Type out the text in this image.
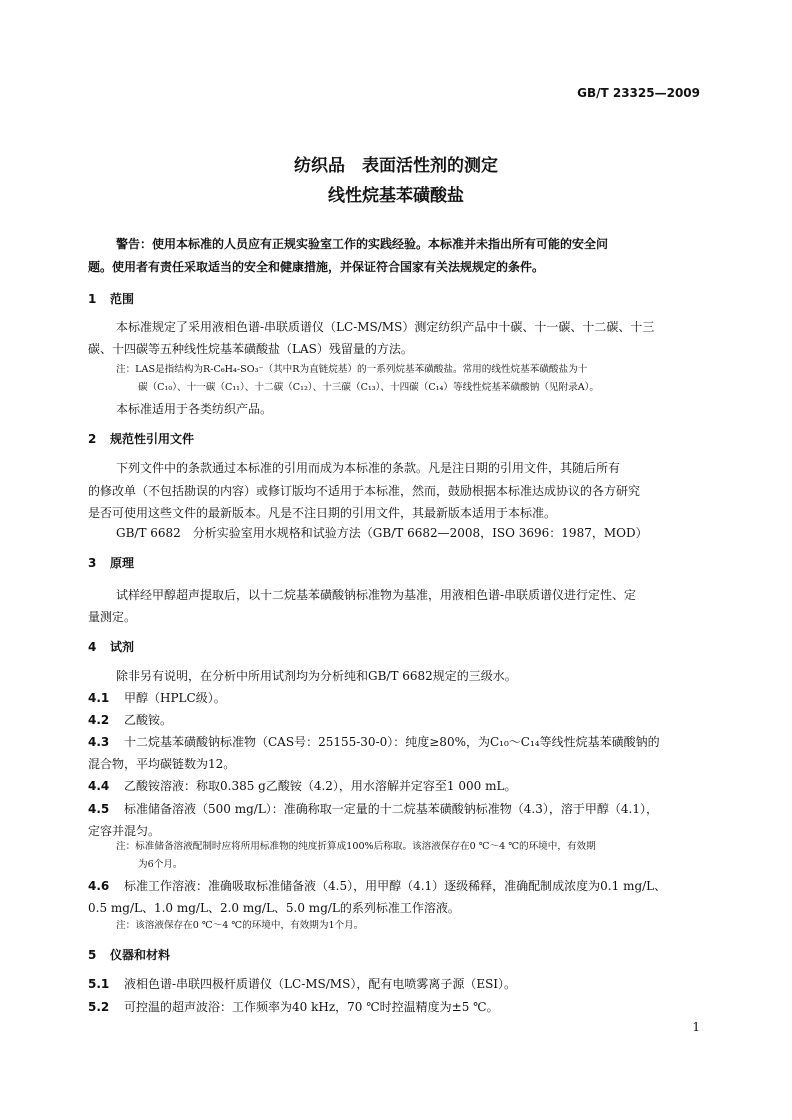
GB/T 23325—2009
纺织品　表面活性剂的测定
线性烷基苯磺酸盐
警告：使用本标准的人员应有正规实验室工作的实践经验。本标准并未指出所有可能的安全问
题。使用者有责任采取适当的安全和健康措施，并保证符合国家有关法规规定的条件。
1 范围
本标准规定了采用液相色谱-串联质谱仪（LC-MS/MS）测定纺织产品中十碳、十一碳、十二碳、十三
碳、十四碳等五种线性烷基苯磺酸盐（LAS）残留量的方法。
注：LAS是指结构为R-C₆H₄-SO₃⁻（其中R为直链烷基）的一系列烷基苯磺酸盐。常用的线性烷基苯磺酸盐为十
碳（C₁₀）、十一碳（C₁₁）、十二碳（C₁₂）、十三碳（C₁₃）、十四碳（C₁₄）等线性烷基苯磺酸钠（见附录A）。
本标准适用于各类纺织产品。
2 规范性引用文件
下列文件中的条款通过本标准的引用而成为本标准的条款。凡是注日期的引用文件，其随后所有
的修改单（不包括勘误的内容）或修订版均不适用于本标准，然而，鼓励根据本标准达成协议的各方研究
是否可使用这些文件的最新版本。凡是不注日期的引用文件，其最新版本适用于本标准。
GB/T 6682　分析实验室用水规格和试验方法（GB/T 6682—2008，ISO 3696：1987，MOD）
3 原理
试样经甲醇超声提取后，以十二烷基苯磺酸钠标准物为基准，用液相色谱-串联质谱仪进行定性、定
量测定。
4 试剂
除非另有说明，在分析中所用试剂均为分析纯和GB/T 6682规定的三级水。
4.1 甲醇（HPLC级）。
4.2 乙酸铵。
4.3 十二烷基苯磺酸钠标准物（CAS号：25155-30-0）：纯度≥80%，为C₁₀～C₁₄等线性烷基苯磺酸钠的
混合物，平均碳链数为12。
4.4 乙酸铵溶液：称取0.385 g乙酸铵（4.2），用水溶解并定容至1 000 mL。
4.5 标准储备溶液（500 mg/L）：准确称取一定量的十二烷基苯磺酸钠标准物（4.3），溶于甲醇（4.1），
定容并混匀。
注：标准储备溶液配制时应将所用标准物的纯度折算成100%后称取。该溶液保存在0 ℃～4 ℃的环境中，有效期
为6个月。
4.6 标准工作溶液：准确吸取标准储备液（4.5），用甲醇（4.1）逐级稀释，准确配制成浓度为0.1 mg/L、
0.5 mg/L、1.0 mg/L、2.0 mg/L、5.0 mg/L的系列标准工作溶液。
注：该溶液保存在0 ℃～4 ℃的环境中，有效期为1个月。
5 仪器和材料
5.1 液相色谱-串联四极杆质谱仪（LC-MS/MS），配有电喷雾离子源（ESI）。
5.2 可控温的超声波浴：工作频率为40 kHz，70 ℃时控温精度为±5 ℃。
1
